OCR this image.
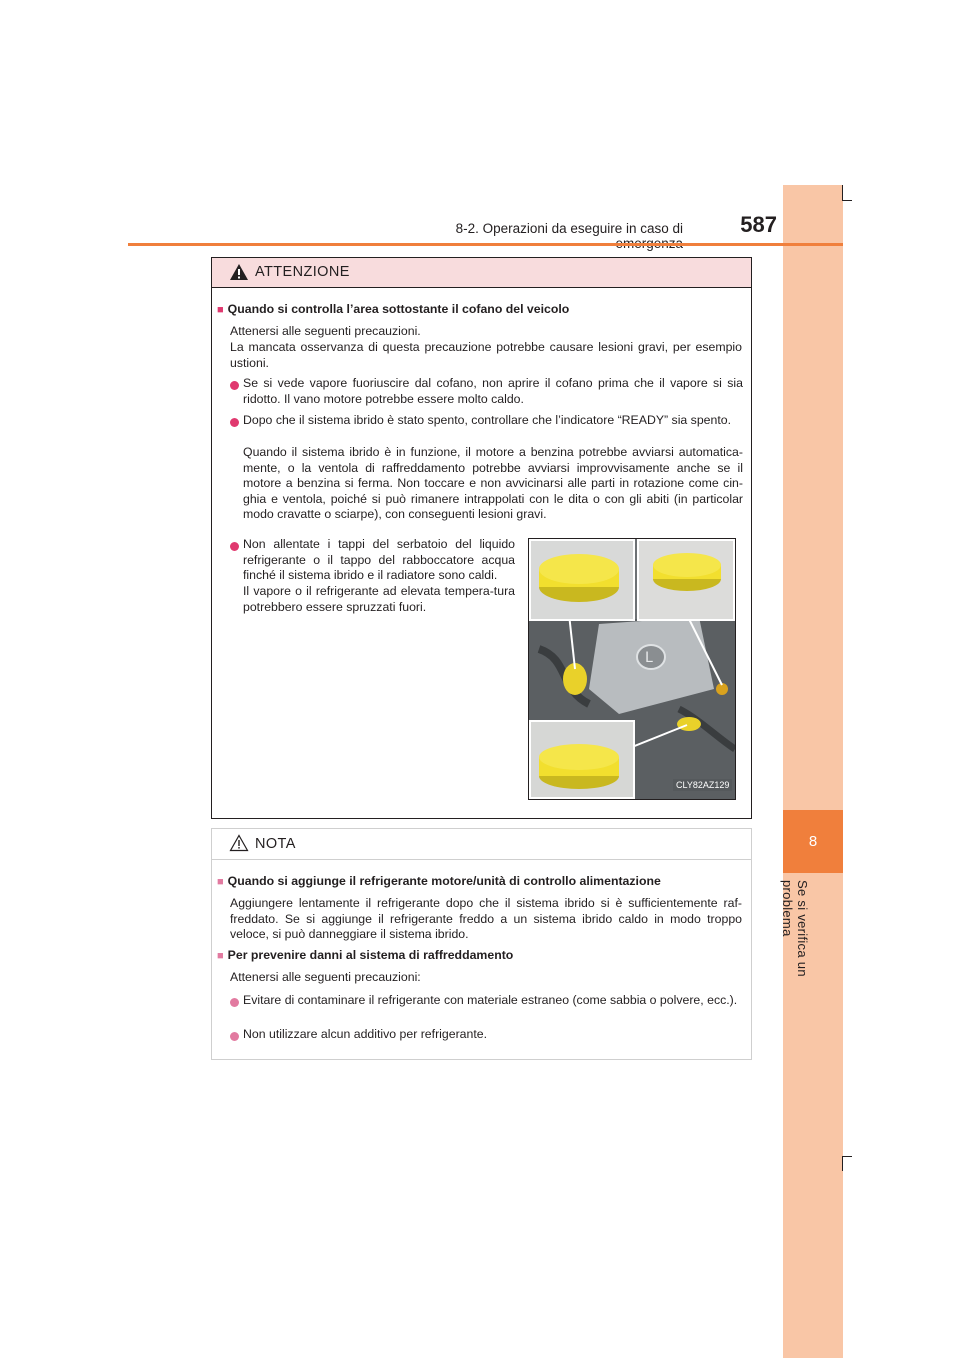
8
Se si verifica un problema
8-2. Operazioni da eseguire in caso di	587
ATTENZIONE
■ Quando si controlla l’area sottostante il cofano del veicolo
Attenersi alle seguenti precauzioni.
La mancata osservanza di questa precauzione potrebbe causare lesioni gravi, per esempio ustioni.
Se si vede vapore fuoriuscire dal cofano, non aprire il cofano prima che il vapore si sia ridotto. Il vano motore potrebbe essere molto caldo.
Dopo che il sistema ibrido è stato spento, controllare che l’indicatore “READY” sia spento.
Quando il sistema ibrido è in funzione, il motore a benzina potrebbe avviarsi automatica-mente, o la ventola di raffreddamento potrebbe avviarsi improvvisamente anche se il motore a benzina si ferma. Non toccare e non avvicinarsi alle parti in rotazione come cin-ghia e ventola, poiché si può rimanere intrappolati con le dita o con gli abiti (in particolar modo cravatte o sciarpe), con conseguenti lesioni gravi.
Non allentate i tappi del serbatoio del liquido refrigerante o il tappo del rabboccatore acqua finché il sistema ibrido e il radiatore sono caldi.
Il vapore o il refrigerante ad elevata tempera-tura potrebbero essere spruzzati fuori.
L
CLY82AZ129
NOTA
■ Quando si aggiunge il refrigerante motore/unità di controllo alimentazione
Aggiungere lentamente il refrigerante dopo che il sistema ibrido si è sufficientemente raf-freddato. Se si aggiunge il refrigerante freddo a un sistema ibrido caldo in modo troppo veloce, si può danneggiare il sistema ibrido.
■ Per prevenire danni al sistema di raffreddamento
Attenersi alle seguenti precauzioni:
Evitare di contaminare il refrigerante con materiale estraneo (come sabbia o polvere, ecc.).
Non utilizzare alcun additivo per refrigerante.
